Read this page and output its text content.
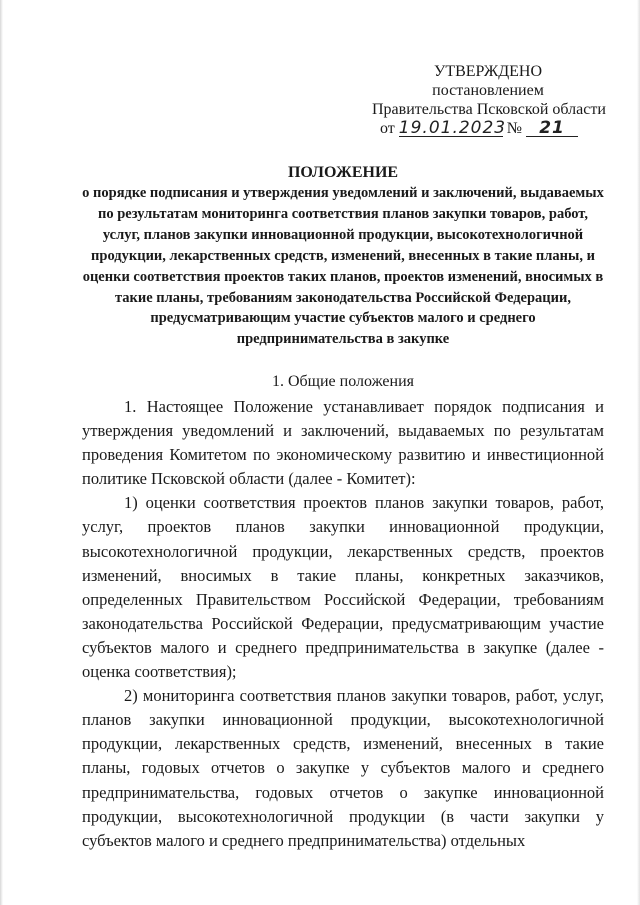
УТВЕРЖДЕНО
постановлением
Правительства Псковской области
от 19.01.2023 № 21
ПОЛОЖЕНИЕ
о порядке подписания и утверждения уведомлений и заключений, выдаваемых по результатам мониторинга соответствия планов закупки товаров, работ, услуг, планов закупки инновационной продукции, высокотехнологичной продукции, лекарственных средств, изменений, внесенных в такие планы, и оценки соответствия проектов таких планов, проектов изменений, вносимых в такие планы, требованиям законодательства Российской Федерации, предусматривающим участие субъектов малого и среднего предпринимательства в закупке
1. Общие положения

1. Настоящее Положение устанавливает порядок подписания и утверждения уведомлений и заключений, выдаваемых по результатам проведения Комитетом по экономическому развитию и инвестиционной политике Псковской области (далее - Комитет):

1) оценки соответствия проектов планов закупки товаров, работ, услуг, проектов планов закупки инновационной продукции, высокотехнологичной продукции, лекарственных средств, проектов изменений, вносимых в такие планы, конкретных заказчиков, определенных Правительством Российской Федерации, требованиям законодательства Российской Федерации, предусматривающим участие субъектов малого и среднего предпринимательства в закупке (далее - оценка соответствия);

2) мониторинга соответствия планов закупки товаров, работ, услуг, планов закупки инновационной продукции, высокотехнологичной продукции, лекарственных средств, изменений, внесенных в такие планы, годовых отчетов о закупке у субъектов малого и среднего предпринимательства, годовых отчетов о закупке инновационной продукции, высокотехнологичной продукции (в части закупки у субъектов малого и среднего предпринимательства) отдельных
